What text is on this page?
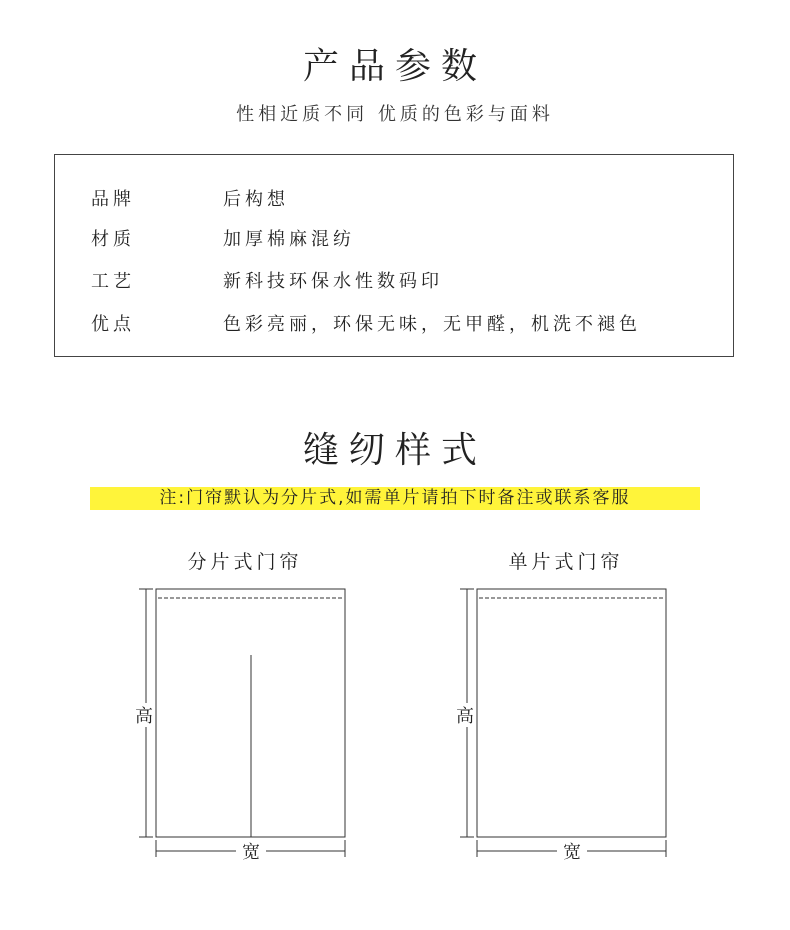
产品参数
性相近质不同 优质的色彩与面料
品牌	后构想
材质	加厚棉麻混纺
工艺	新科技环保水性数码印
优点	色彩亮丽，环保无味，无甲醛，机洗不褪色
缝纫样式
注:门帘默认为分片式,如需单片请拍下时备注或联系客服
分片式门帘	单片式门帘
高
宽
高
宽
